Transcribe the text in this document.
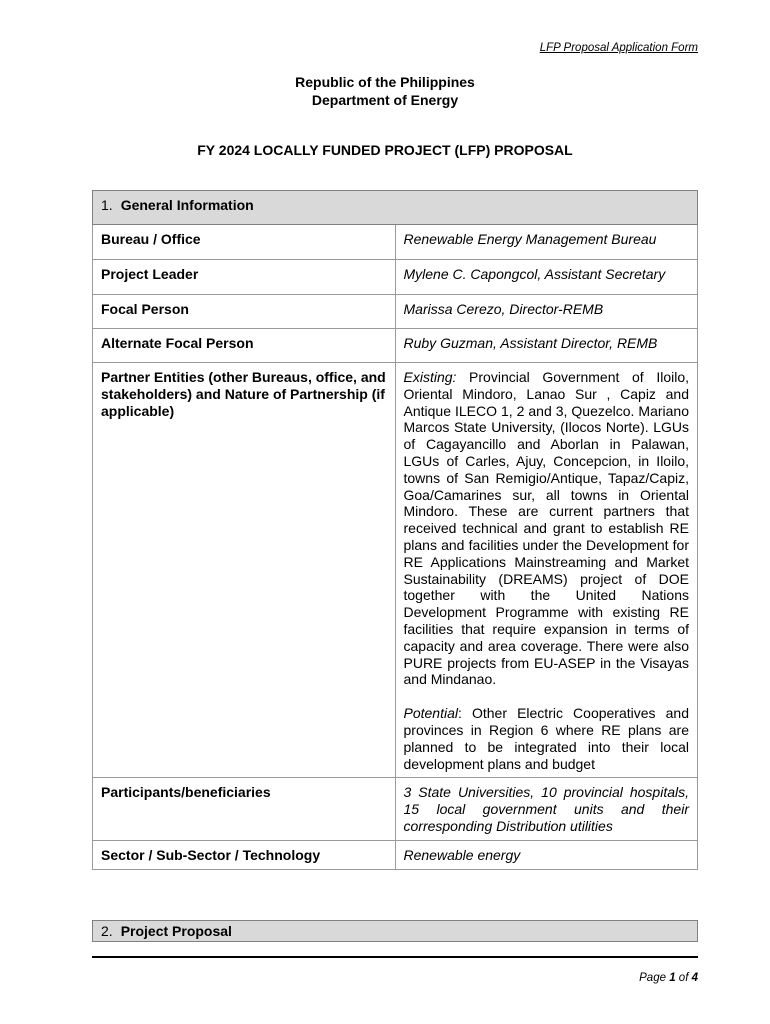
LFP Proposal Application Form
Republic of the Philippines
Department of Energy
FY 2024 LOCALLY FUNDED PROJECT (LFP) PROPOSAL
1. General Information	
Bureau / Office	Renewable Energy Management Bureau
Project Leader	Mylene C. Capongcol, Assistant Secretary
Focal Person	Marissa Cerezo, Director-REMB
Alternate Focal Person	Ruby Guzman, Assistant Director, REMB
Partner Entities (other Bureaus, office, and stakeholders) and Nature of Partnership (if applicable)	Existing: Provincial Government of Iloilo, Oriental Mindoro, Lanao Sur , Capiz and Antique ILECO 1, 2 and 3, Quezelco. Mariano Marcos State University, (Ilocos Norte). LGUs of Cagayancillo and Aborlan in Palawan, LGUs of Carles, Ajuy, Concepcion, in Iloilo, towns of San Remigio/Antique, Tapaz/Capiz, Goa/Camarines sur, all towns in Oriental Mindoro. These are current partners that received technical and grant to establish RE plans and facilities under the Development for RE Applications Mainstreaming and Market Sustainability (DREAMS) project of DOE together with the United Nations Development Programme with existing RE facilities that require expansion in terms of capacity and area coverage. There were also PURE projects from EU-ASEP in the Visayas and Mindanao.
Potential: Other Electric Cooperatives and provinces in Region 6 where RE plans are planned to be integrated into their local development plans and budget

Participants/beneficiaries	3 State Universities, 10 provincial hospitals, 15 local government units and their corresponding Distribution utilities
Sector / Sub-Sector / Technology	Renewable energy
2. Project Proposal
Page 1 of 4
